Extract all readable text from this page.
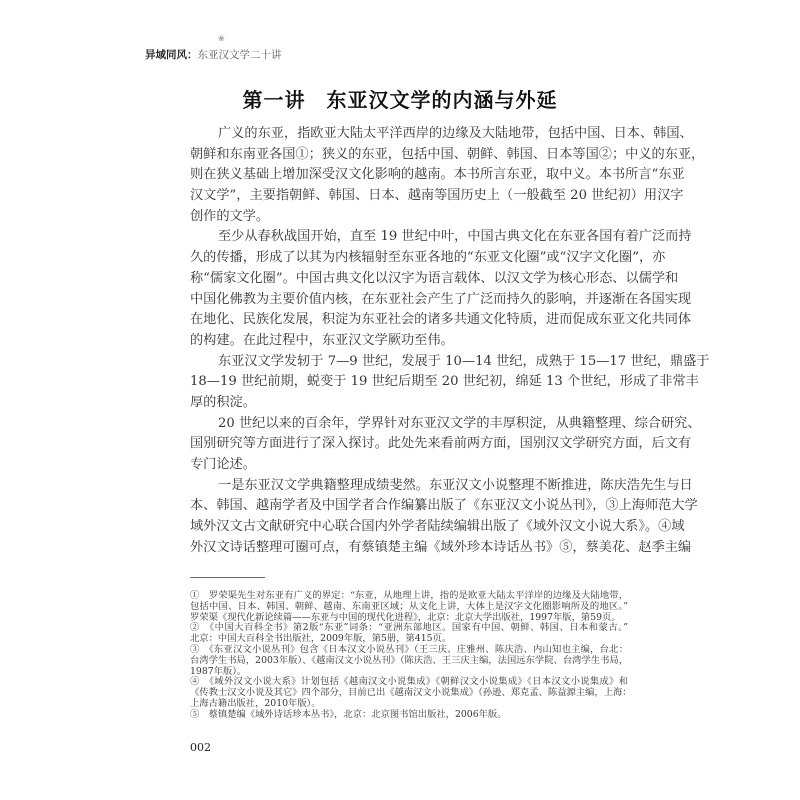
❀
异域同风：东亚汉文学二十讲
第一讲　东亚汉文学的内涵与外延
广义的东亚，指欧亚大陆太平洋西岸的边缘及大陆地带，包括中国、日本、韩国、
朝鲜和东南亚各国①；狭义的东亚，包括中国、朝鲜、韩国、日本等国②；中义的东亚，
则在狭义基础上增加深受汉文化影响的越南。本书所言东亚，取中义。本书所言“东亚
汉文学”，主要指朝鲜、韩国、日本、越南等国历史上（一般截至 20 世纪初）用汉字
创作的文学。
至少从春秋战国开始，直至 19 世纪中叶，中国古典文化在东亚各国有着广泛而持
久的传播，形成了以其为内核辐射至东亚各地的“东亚文化圈”或“汉字文化圈”，亦
称“儒家文化圈”。中国古典文化以汉字为语言载体、以汉文学为核心形态、以儒学和
中国化佛教为主要价值内核，在东亚社会产生了广泛而持久的影响，并逐渐在各国实现
在地化、民族化发展，积淀为东亚社会的诸多共通文化特质，进而促成东亚文化共同体
的构建。在此过程中，东亚汉文学厥功至伟。
东亚汉文学发轫于 7—9 世纪，发展于 10—14 世纪，成熟于 15—17 世纪，鼎盛于
18—19 世纪前期，蜕变于 19 世纪后期至 20 世纪初，绵延 13 个世纪，形成了非常丰
厚的积淀。
20 世纪以来的百余年，学界针对东亚汉文学的丰厚积淀，从典籍整理、综合研究、
国别研究等方面进行了深入探讨。此处先来看前两方面，国别汉文学研究方面，后文有
专门论述。
一是东亚汉文学典籍整理成绩斐然。东亚汉文小说整理不断推进，陈庆浩先生与日
本、韩国、越南学者及中国学者合作编纂出版了《东亚汉文小说丛刊》，③上海师范大学
域外汉文古文献研究中心联合国内外学者陆续编辑出版了《域外汉文小说大系》。④域
外汉文诗话整理可圈可点，有蔡镇楚主编《域外珍本诗话丛书》⑤，蔡美花、赵季主编
①　罗荣渠先生对东亚有广义的界定：“东亚，从地理上讲，指的是欧亚大陆太平洋岸的边缘及大陆地带，
包括中国、日本、韩国、朝鲜、越南、东南亚区域；从文化上讲，大体上是汉字文化圈影响所及的地区。”
罗荣渠《现代化新论续篇——东亚与中国的现代化进程》，北京：北京大学出版社，1997年版，第59页。
②　《中国大百科全书》第2版“东亚”词条：“亚洲东部地区。国家有中国、朝鲜、韩国、日本和蒙古。”
北京：中国大百科全书出版社，2009年版，第5册，第415页。
③　《东亚汉文小说丛刊》包含《日本汉文小说丛刊》（王三庆、庄雅州、陈庆浩、内山知也主编，台北：
台湾学生书局，2003年版）、《越南汉文小说丛刊》（陈庆浩、王三庆主编，法国远东学院、台湾学生书局，
1987年版）。
④　《域外汉文小说大系》计划包括《越南汉文小说集成》《朝鲜汉文小说集成》《日本汉文小说集成》和
《传教士汉文小说及其它》四个部分，目前已出《越南汉文小说集成》（孙逊、郑克孟、陈益源主编，上海：
上海古籍出版社，2010年版）。
⑤　蔡镇楚编《域外诗话珍本丛书》，北京：北京图书馆出版社，2006年版。
002
